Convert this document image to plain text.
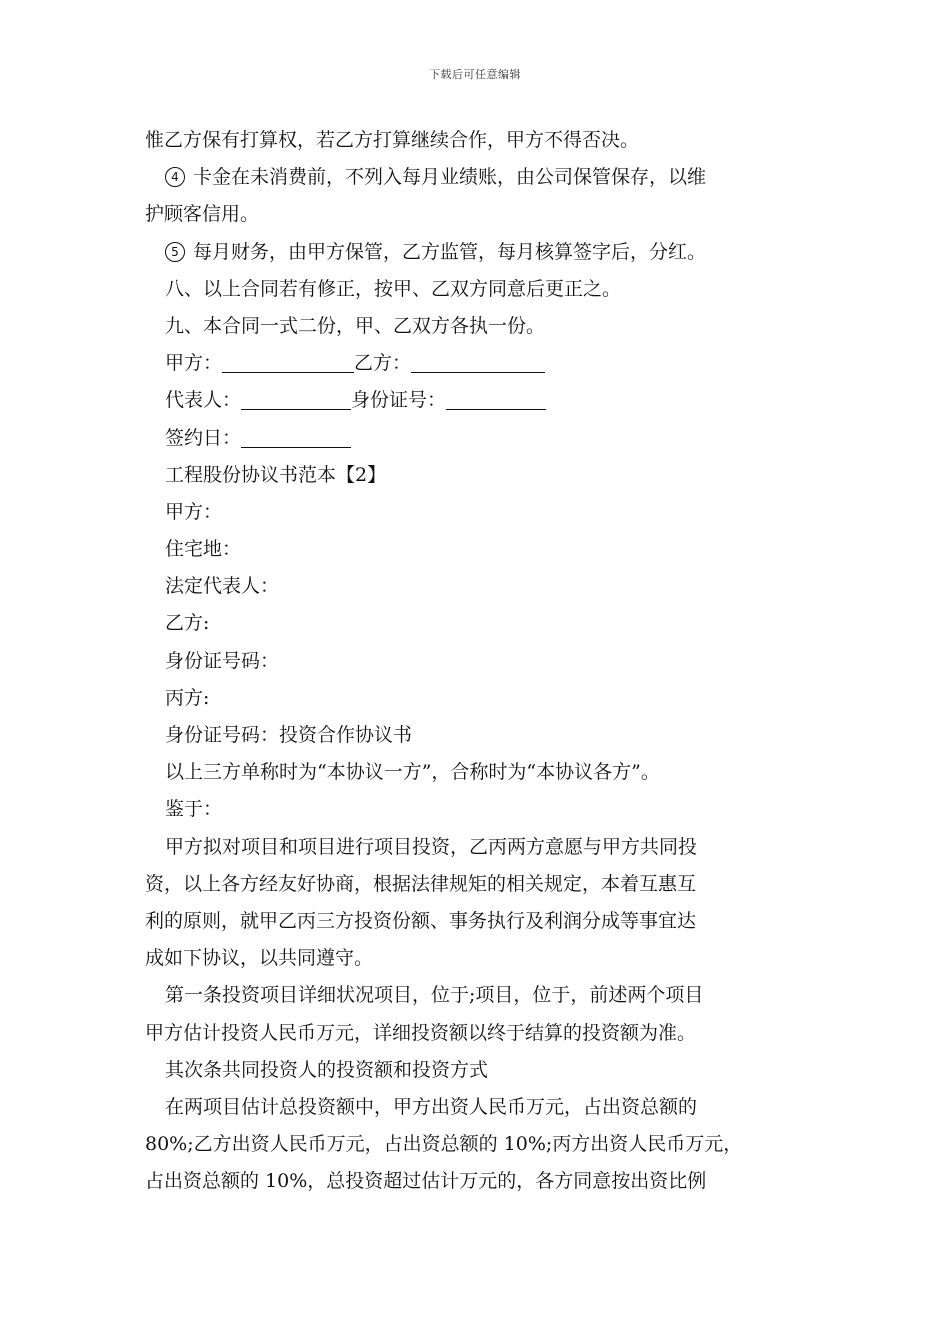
下载后可任意编辑
惟乙方保有打算权，若乙方打算继续合作，甲方不得否决。
4 卡金在未消费前，不列入每月业绩账，由公司保管保存，以维
护顾客信用。
5 每月财务，由甲方保管，乙方监管，每月核算签字后，分红。
八、以上合同若有修正，按甲、乙双方同意后更正之。
九、本合同一式二份，甲、乙双方各执一份。
甲方：	乙方：
代表人：	身份证号：
签约日：
工程股份协议书范本【2】
甲方：
住宅地：
法定代表人：
乙方:
身份证号码：
丙方:
身份证号码：投资合作协议书
以上三方单称时为“本协议一方”，合称时为“本协议各方”。
鉴于：
甲方拟对项目和项目进行项目投资，乙丙两方意愿与甲方共同投
资，以上各方经友好协商，根据法律规矩的相关规定，本着互惠互
利的原则，就甲乙丙三方投资份额、事务执行及利润分成等事宜达
成如下协议，以共同遵守。
第一条投资项目详细状况项目，位于;项目，位于，前述两个项目
甲方估计投资人民币万元，详细投资额以终于结算的投资额为准。
其次条共同投资人的投资额和投资方式
在两项目估计总投资额中，甲方出资人民币万元，占出资总额的
80%;乙方出资人民币万元，占出资总额的 10%;丙方出资人民币万元，
占出资总额的 10%，总投资超过估计万元的，各方同意按出资比例
